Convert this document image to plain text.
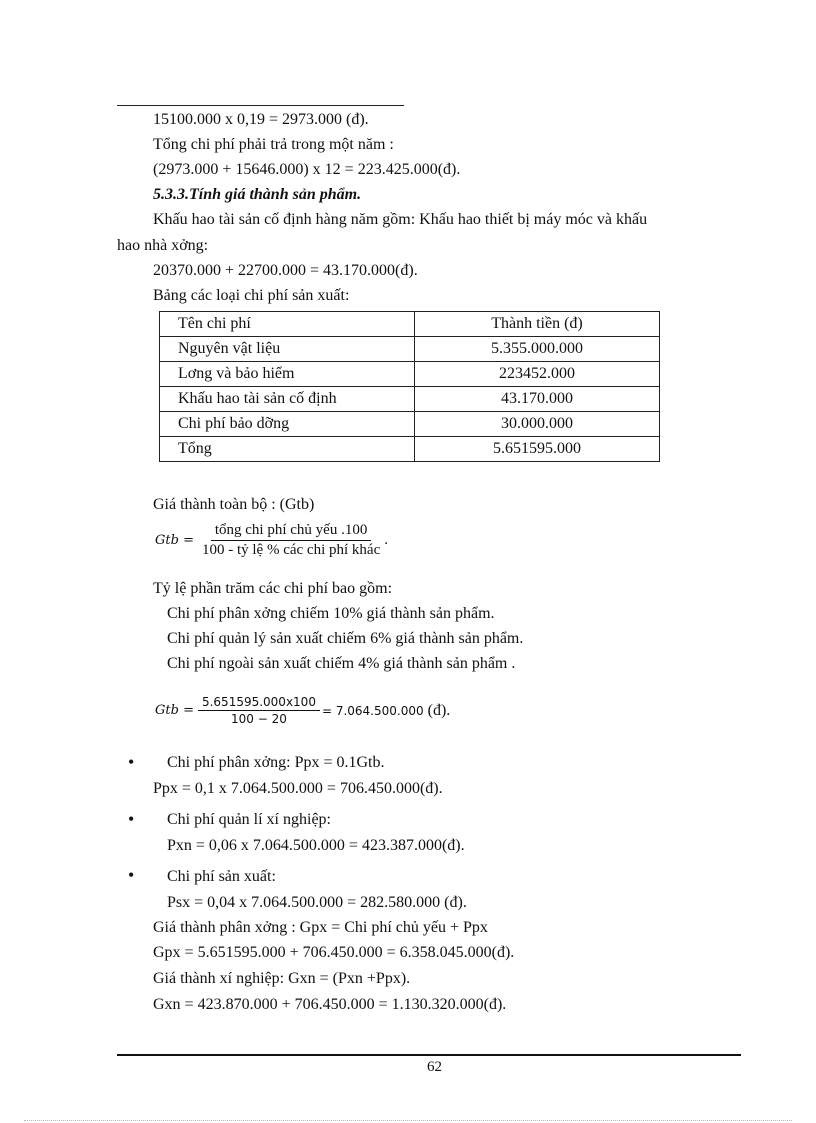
15100.000 x 0,19 = 2973.000 (đ).
Tổng chi phí phải trả trong một năm :
(2973.000 + 15646.000) x 12 = 223.425.000(đ).
5.3.3.Tính giá thành sản phẩm.
Khấu hao tài sản cố định hàng năm gồm: Khấu hao thiết bị máy móc và khấu
hao nhà xởng:
20370.000 + 22700.000 = 43.170.000(đ).
Bảng các loại chi phí sản xuất:
Tên chi phí	Thành tiền (đ)
Nguyên vật liệu	5.355.000.000
Lơng và bảo hiểm	223452.000
Khấu hao tài sản cố định	43.170.000
Chi phí bảo dỡng	30.000.000
Tổng	5.651595.000
Giá thành toàn bộ : (Gtb)
Gtb = $\frac{\text{tổng chi phí chủ yếu .100}}{\text{100 - tỷ lệ \% các chi phí khác}}$ .
Tỷ lệ phần trăm các chi phí bao gồm:
Chi phí phân xởng chiếm 10% giá thành sản phẩm.
Chi phí quản lý sản xuất chiếm 6% giá thành sản phẩm.
Chi phí ngoài sản xuất chiếm 4% giá thành sản phẩm .
Gtb = $\frac{5.651595.000x100}{100 - 20} = 7.064.500.000$ (đ).
• Chi phí phân xởng: Ppx = 0.1Gtb.
Ppx = 0,1 x 7.064.500.000 = 706.450.000(đ).
• Chi phí quản lí xí nghiệp:
Pxn = 0,06 x 7.064.500.000 = 423.387.000(đ).
• Chi phí sản xuất:
Psx = 0,04 x 7.064.500.000 = 282.580.000 (đ).
Giá thành phân xởng : Gpx = Chi phí chủ yếu + Ppx
Gpx = 5.651595.000 + 706.450.000 = 6.358.045.000(đ).
Giá thành xí nghiệp: Gxn = (Pxn +Ppx).
Gxn = 423.870.000 + 706.450.000 = 1.130.320.000(đ).
62
